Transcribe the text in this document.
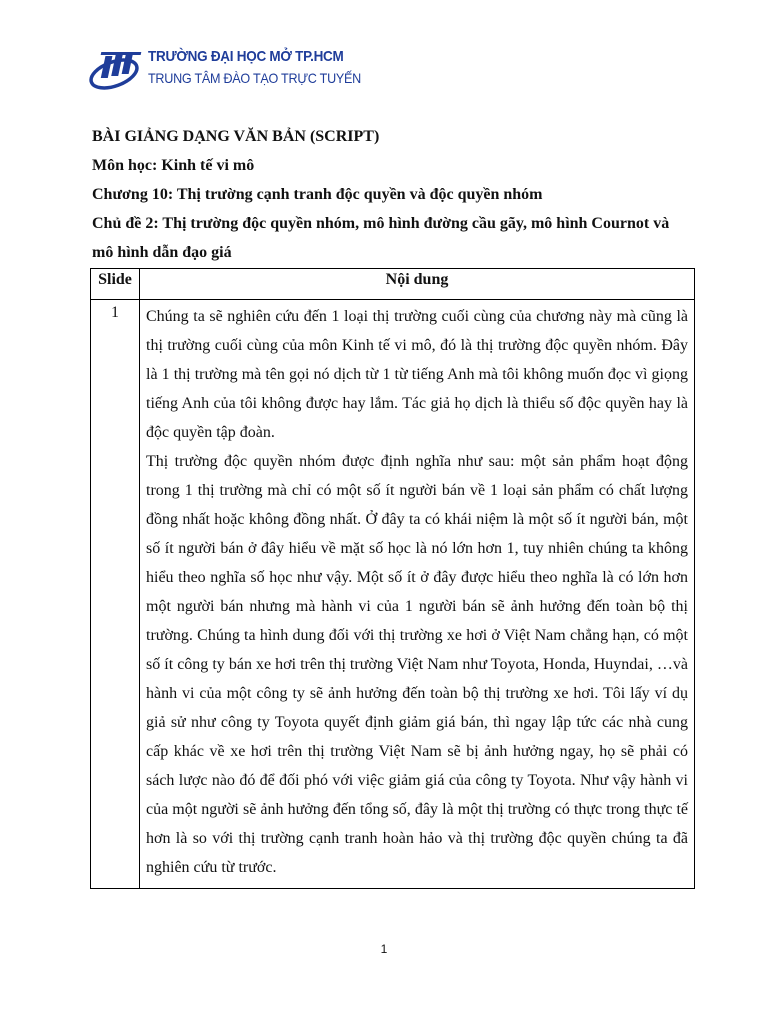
TRƯỜNG ĐẠI HỌC MỞ TP.HCM
TRUNG TÂM ĐÀO TẠO TRỰC TUYẾN
BÀI GIẢNG DẠNG VĂN BẢN (SCRIPT)
Môn học: Kinh tế vi mô
Chương 10: Thị trường cạnh tranh độc quyền và độc quyền nhóm
Chủ đề 2: Thị trường độc quyền nhóm, mô hình đường cầu gãy, mô hình Cournot và mô hình dẫn đạo giá
Slide	Nội dung
1	Chúng ta sẽ nghiên cứu đến 1 loại thị trường cuối cùng của chương này mà cũng là thị trường cuối cùng của môn Kinh tế vi mô, đó là thị trường độc quyền nhóm. Đây là 1 thị trường mà tên gọi nó dịch từ 1 từ tiếng Anh mà tôi không muốn đọc vì giọng tiếng Anh của tôi không được hay lắm. Tác giả họ dịch là thiểu số độc quyền hay là độc quyền tập đoàn.

Thị trường độc quyền nhóm được định nghĩa như sau: một sản phẩm hoạt động trong 1 thị trường mà chỉ có một số ít người bán về 1 loại sản phẩm có chất lượng đồng nhất hoặc không đồng nhất. Ở đây ta có khái niệm là một số ít người bán, một số ít người bán ở đây hiểu về mặt số học là nó lớn hơn 1, tuy nhiên chúng ta không hiểu theo nghĩa số học như vậy. Một số ít ở đây được hiểu theo nghĩa là có lớn hơn một người bán nhưng mà hành vi của 1 người bán sẽ ảnh hưởng đến toàn bộ thị trường. Chúng ta hình dung đối với thị trường xe hơi ở Việt Nam chẳng hạn, có một số ít công ty bán xe hơi trên thị trường Việt Nam như Toyota, Honda, Huyndai, …và hành vi của một công ty sẽ ảnh hưởng đến toàn bộ thị trường xe hơi. Tôi lấy ví dụ giả sử như công ty Toyota quyết định giảm giá bán, thì ngay lập tức các nhà cung cấp khác về xe hơi trên thị trường Việt Nam sẽ bị ảnh hưởng ngay, họ sẽ phải có sách lược nào đó để đối phó với việc giảm giá của công ty Toyota. Như vậy hành vi của một người sẽ ảnh hưởng đến tổng số, đây là một thị trường có thực trong thực tế hơn là so với thị trường cạnh tranh hoàn hảo và thị trường độc quyền chúng ta đã nghiên cứu từ trước.

1
